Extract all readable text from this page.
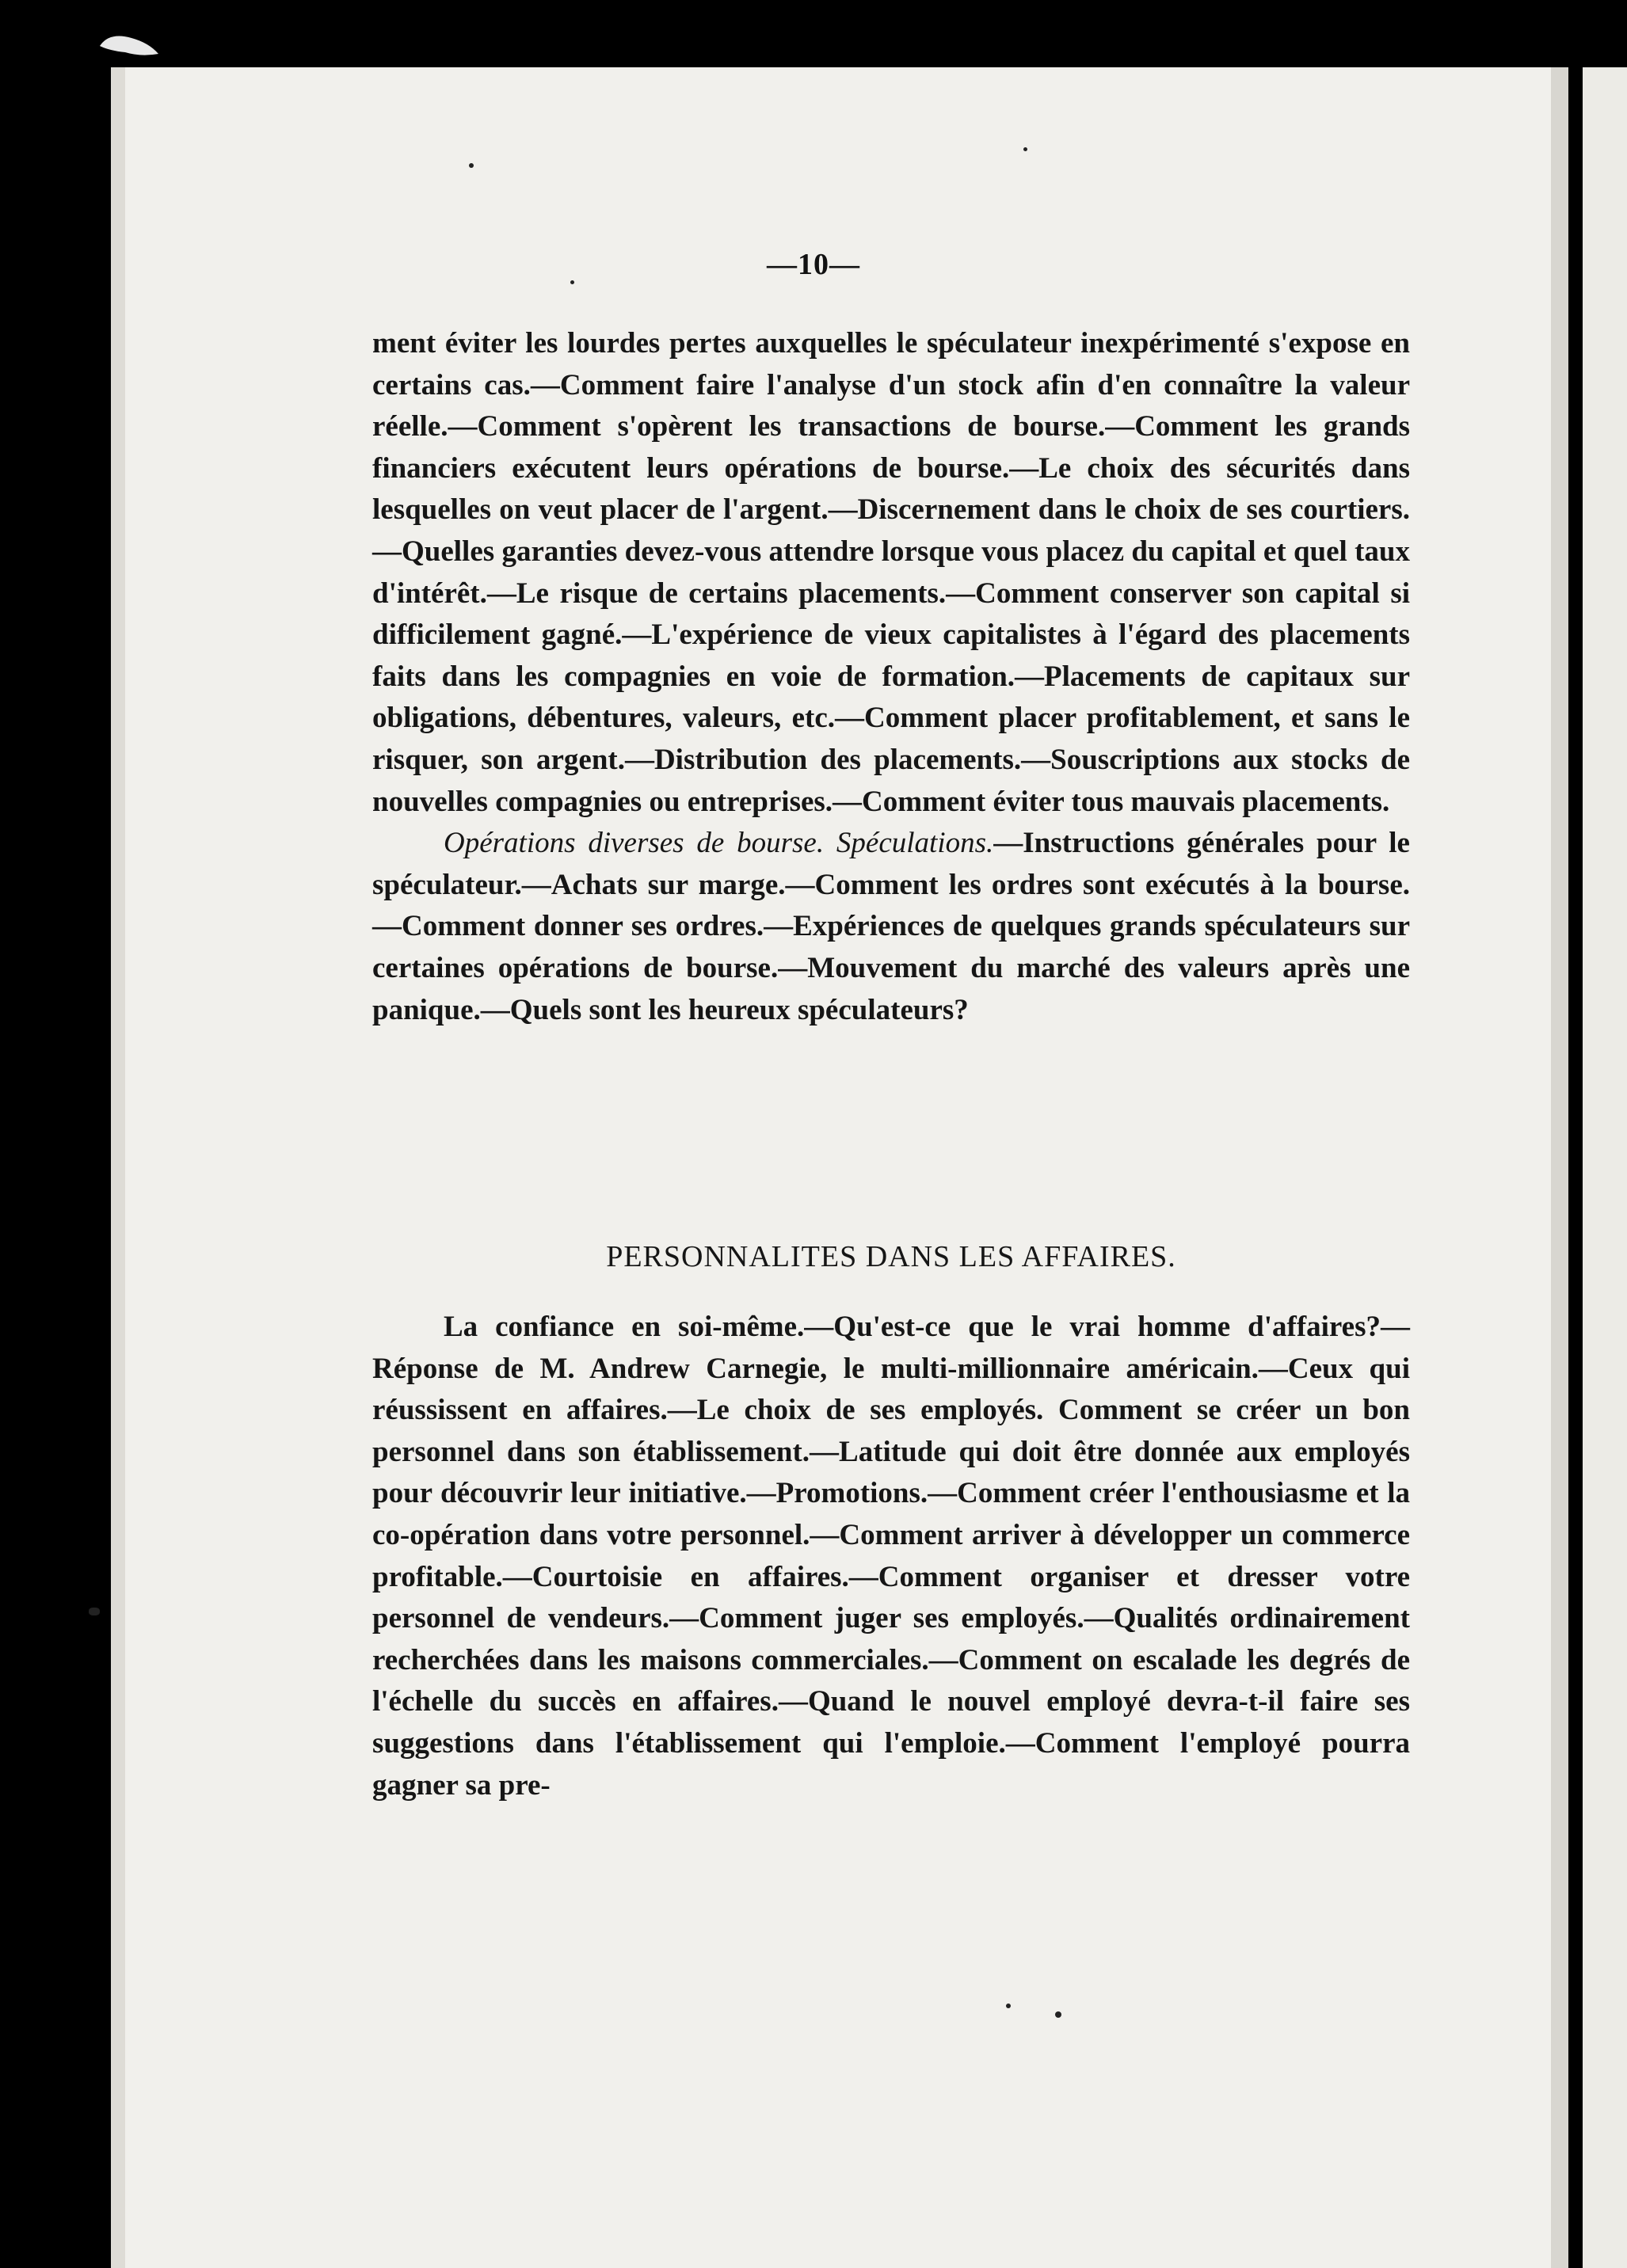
—10—

ment éviter les lourdes pertes auxquelles le spéculateur inexpérimenté s'expose en certains cas.—Comment faire l'analyse d'un stock afin d'en connaître la valeur réelle.—Comment s'opèrent les transactions de bourse.—Comment les grands financiers exécutent leurs opérations de bourse.—Le choix des sécurités dans lesquelles on veut placer de l'argent.—Discernement dans le choix de ses courtiers.—Quelles garanties devez-vous attendre lorsque vous placez du capital et quel taux d'intérêt.—Le risque de certains placements.—Comment conserver son capital si difficilement gagné.—L'expérience de vieux capitalistes à l'égard des placements faits dans les compagnies en voie de formation.—Placements de capitaux sur obligations, débentures, valeurs, etc.—Comment placer profitablement, et sans le risquer, son argent.—Distribution des placements.—Souscriptions aux stocks de nouvelles compagnies ou entreprises.—Comment éviter tous mauvais placements.

Opérations diverses de bourse. Spéculations.—Instructions générales pour le spéculateur.—Achats sur marge.—Comment les ordres sont exécutés à la bourse.—Comment donner ses ordres.—Expériences de quelques grands spéculateurs sur certaines opérations de bourse.—Mouvement du marché des valeurs après une panique.—Quels sont les heureux spéculateurs?

PERSONNALITES DANS LES AFFAIRES.

La confiance en soi-même.—Qu'est-ce que le vrai homme d'affaires?—Réponse de M. Andrew Carnegie, le multi-millionnaire américain.—Ceux qui réussissent en affaires.—Le choix de ses employés. Comment se créer un bon personnel dans son établissement.—Latitude qui doit être donnée aux employés pour découvrir leur initiative.—Promotions.—Comment créer l'enthousiasme et la co-opération dans votre personnel.—Comment arriver à développer un commerce profitable.—Courtoisie en affaires.—Comment organiser et dresser votre personnel de vendeurs.—Comment juger ses employés.—Qualités ordinairement recherchées dans les maisons commerciales.—Comment on escalade les degrés de l'échelle du succès en affaires.—Quand le nouvel employé devra-t-il faire ses suggestions dans l'établissement qui l'emploie.—Comment l'employé pourra gagner sa pre-
